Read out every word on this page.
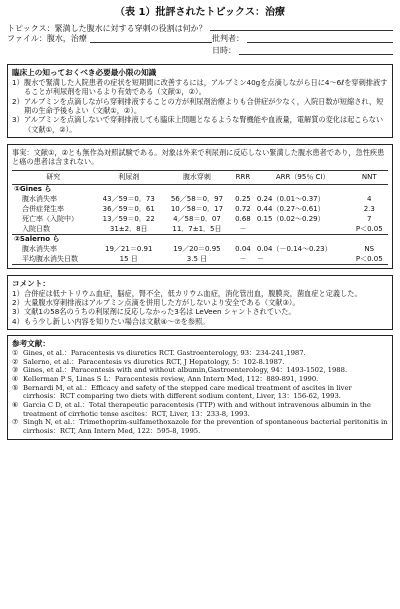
（表 1）批評されたトピックス：治療
トピックス：緊満した腹水に対する穿刺の役割は何か？
ファイル：腹水，治療	批判者：
日時：
臨床上の知っておくべき必要最小限の知識
1） 腹水で緊満した入院患者の症状を短期間に改善するには，アルブミン40gを点滴しながら日に4～6ℓを穿刺排液することが利尿剤を用いるより有効である（文献①，②）。
2） アルブミンを点滴しながら穿刺排液することの方が利尿剤治療よりも合併症が少なく，入院日数が短縮され，短期の生命予後もよい（文献①，②）。
3） アルブミンを点滴しないで穿刺排液しても臨床上問題となるような腎機能や血液量，電解質の変化は起こらない（文献①，②）。
事実：文献①，②とも無作為対照試験である。対象は外来で利尿剤に反応しない緊満した腹水患者であり，急性疾患と癌の患者は含まれない。
研究	利尿剤	腹水穿刺	RRR	ARR（95％ CI）	NNT
①Gines ら					
腹水消失率	43／59＝0．73	56／58＝0．97	0.25	0.24（0.01～0.37）	4
合併症発生率	36／59＝0．61	10／58＝0．17	0.72	0.44（0.27～0.61）	2.3
死亡率（入院中）	13／59＝0．22	4／58＝0．07	0.68	0.15（0.02～0.29）	7
入院日数	31±2．8日	11．7±1．5日	－		P＜0.05
②Salerno ら					
腹水消失率	19／21＝0.91	19／20＝0.95	0.04	0.04（－0.14～0.23）	NS
平均腹水消失日数	15 日	3.5 日	－	－	P＜0.05
コメント：
1） 合併症は低ナトリウム血症，脳症，腎不全，低カリウム血症，消化管出血，腹膜炎，菌血症と定義した。
2） 大量腹水穿刺排液はアルブミン点滴を併用した方がしないより安全である（文献③）。
3） 文献1の58名のうちの利尿剤に反応しなかった3名は LeVeen シャントされていた。
4） もう少し新しい内容を知りたい場合は文献④～⑦を参照。
参考文献：
① Gines, et al.：Paracentesis vs diuretics RCT. Gastroenterology, 93：234-241,1987.
② Salerno, et al.：Paracentesis vs diuretics RCT, J Hepatology, 5：102-8.1987.
③ Gines, et al.：Paracentesis with and without albumin,Gastroenterology, 94：1493-1502, 1988.
④ Kellerman P S, Linas S L：Paracentesis review, Ann Intern Med, 112：889-891, 1990.
⑤ Bernardi M, et al.：Efficacy and safety of the stepped care medical treatment of ascites in liver cirrhosis：RCT comparing two diets with different sodium content, Liver, 13：156-62, 1993.
⑥ Garcia C D, et al.：Total therapeutic paracentesis (TTP) with and without intravenous albumin in the treatment of cirrhotic tense ascites：RCT, Liver, 13：233-8, 1993.
⑦ Singh N, et al.：Trimethoprim-sulfamethoxazole for the prevention of spontaneous bacterial peritonitis in cirrhosis：RCT, Ann Intern Med, 122：595-8, 1995.
